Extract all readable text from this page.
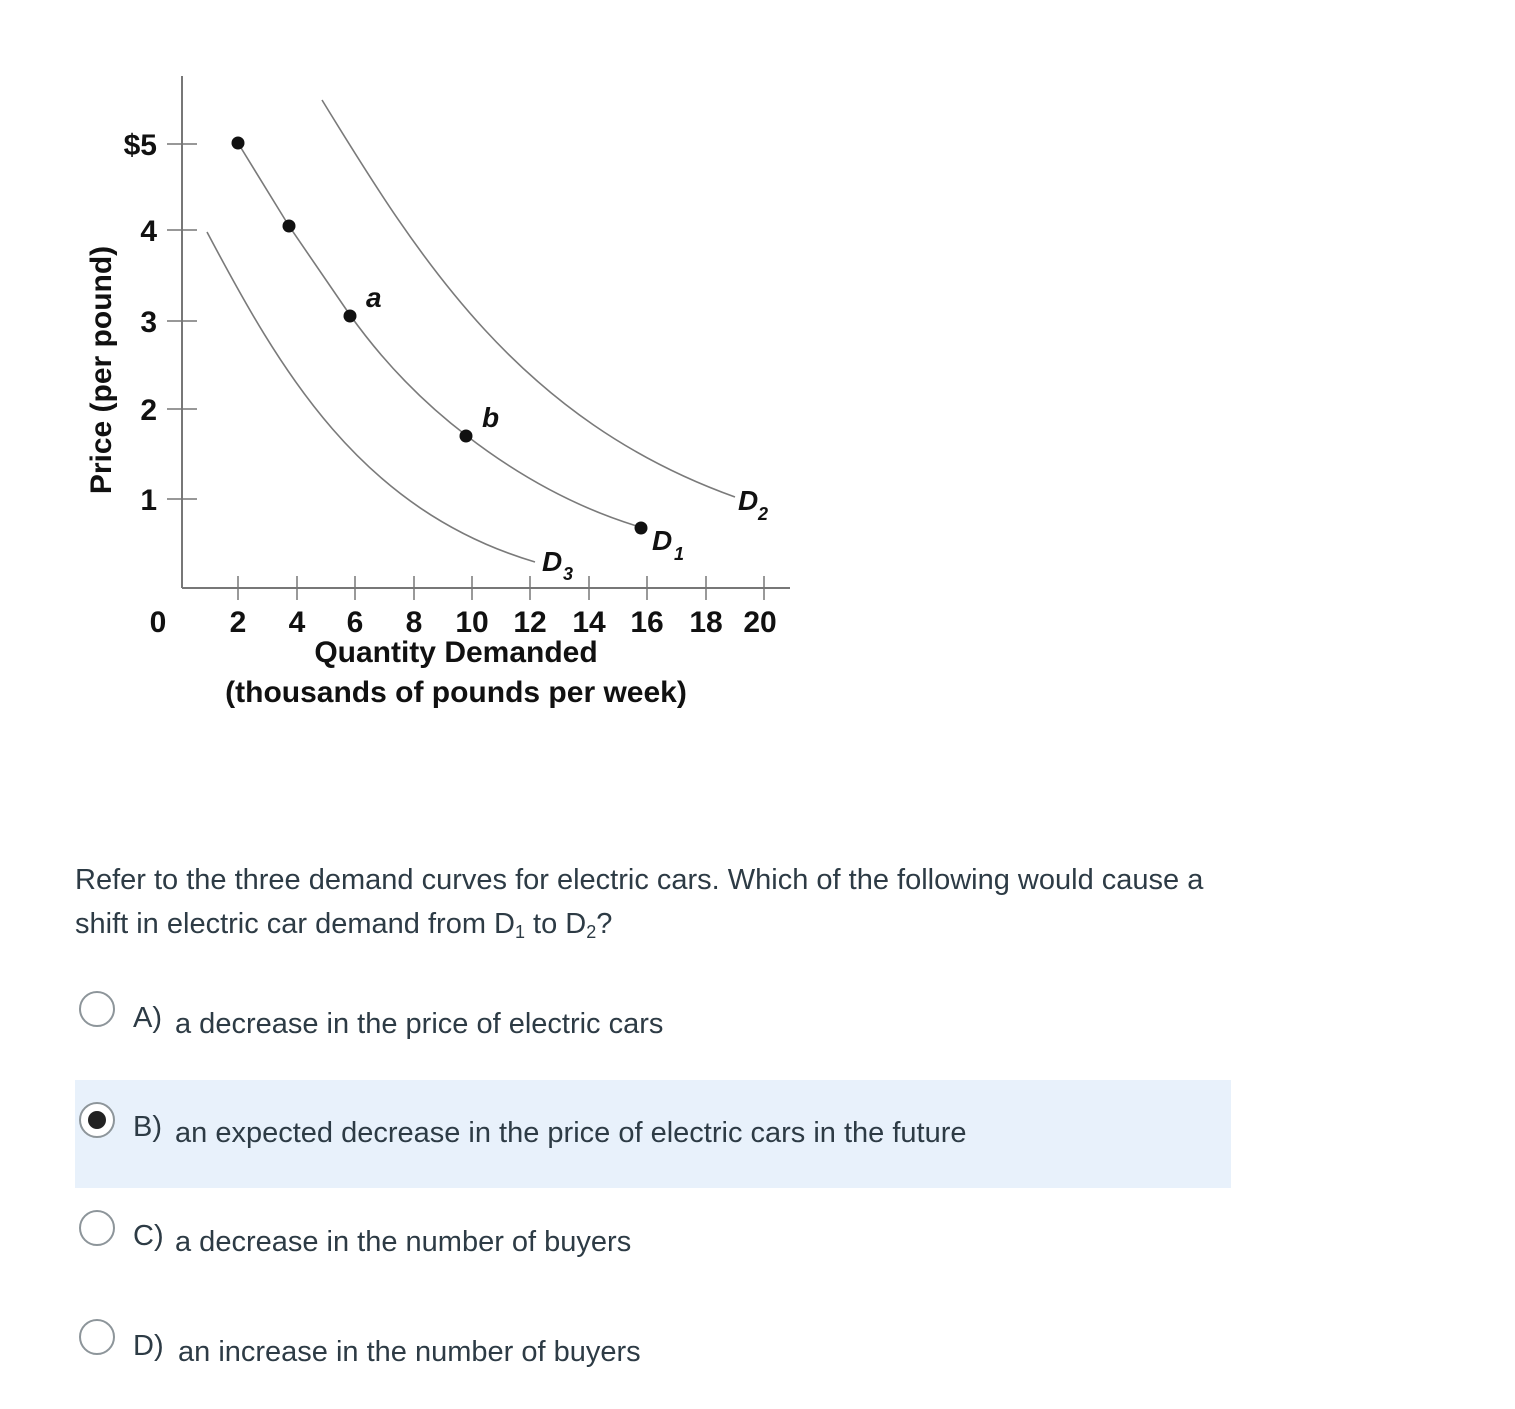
Price (per pound)
$5
4
3
2
1
0 2 4 6 8 10 12 14 16 18 20
Quantity Demanded
(thousands of pounds per week)
a
b
D 2
D 1
D 3
Refer to the three demand curves for electric cars. Which of the following would cause a shift in electric car demand from $D_1$ to $D_2$?
A) a decrease in the price of electric cars
B) an expected decrease in the price of electric cars in the future
C) a decrease in the number of buyers
D) an increase in the number of buyers
